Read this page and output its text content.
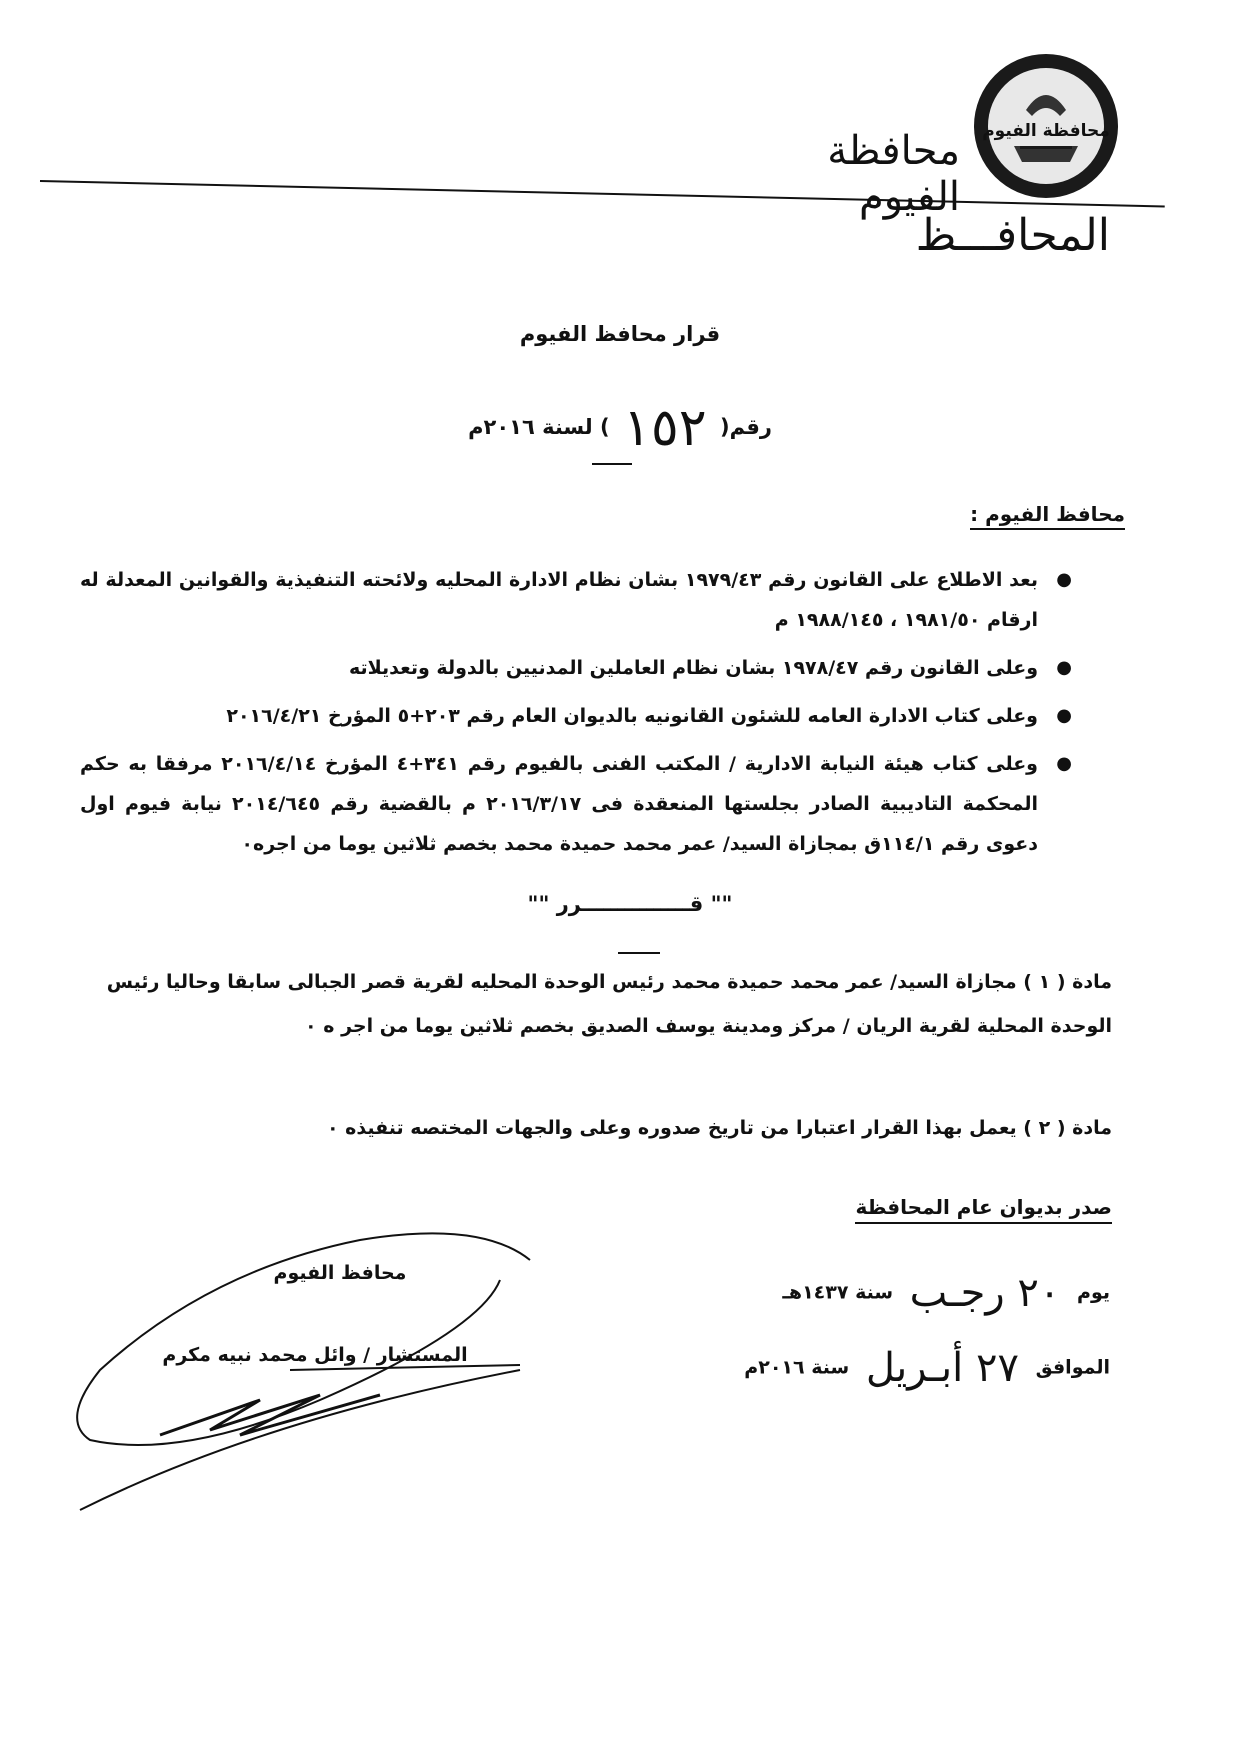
محافظة الفيوم
محافظة الفيوم
المحافـــظ
قرار محافظ الفيوم
رقم( ١٥٢ ) لسنة ٢٠١٦م
محافظ الفيوم :
●
بعد الاطلاع على القانون رقم ١٩٧٩/٤٣ بشان نظام الادارة المحليه ولائحته التنفيذية والقوانين المعدلة له ارقام ١٩٨١/٥٠ ، ١٩٨٨/١٤٥ م
●
وعلى القانون رقم ١٩٧٨/٤٧ بشان نظام العاملين المدنيين بالدولة وتعديلاته
●
وعلى كتاب الادارة العامه للشئون القانونيه بالديوان العام رقم ٢٠٣+٥ المؤرخ ٢٠١٦/٤/٢١
●
وعلى كتاب هيئة النيابة الادارية / المكتب الفنى بالفيوم رقم ٣٤١+٤ المؤرخ ٢٠١٦/٤/١٤ مرفقا به حكم المحكمة التاديبية الصادر بجلستها المنعقدة فى ٢٠١٦/٣/١٧ م بالقضية رقم ٢٠١٤/٦٤٥ نيابة فيوم اول دعوى رقم ١١٤/١ق بمجازاة السيد/ عمر محمد حميدة محمد بخصم ثلاثين يوما من اجره٠
"" قـــــــــــــــرر ""
مادة ( ١ ) مجازاة السيد/ عمر محمد حميدة محمد رئيس الوحدة المحليه لقرية قصر الجبالى سابقا وحاليا رئيس الوحدة المحلية لقرية الريان / مركز ومدينة يوسف الصديق بخصم ثلاثين يوما من اجر ه ٠
مادة ( ٢ ) يعمل بهذا القرار اعتبارا من تاريخ صدوره وعلى والجهات المختصه تنفيذه ٠
صدر بديوان عام المحافظة
يوم ٢٠ رجـب سنة ١٤٣٧هـ
الموافق ٢٧ أبـريل سنة ٢٠١٦م
محافظ الفيوم
المستشار / وائل محمد نبيه مكرم
